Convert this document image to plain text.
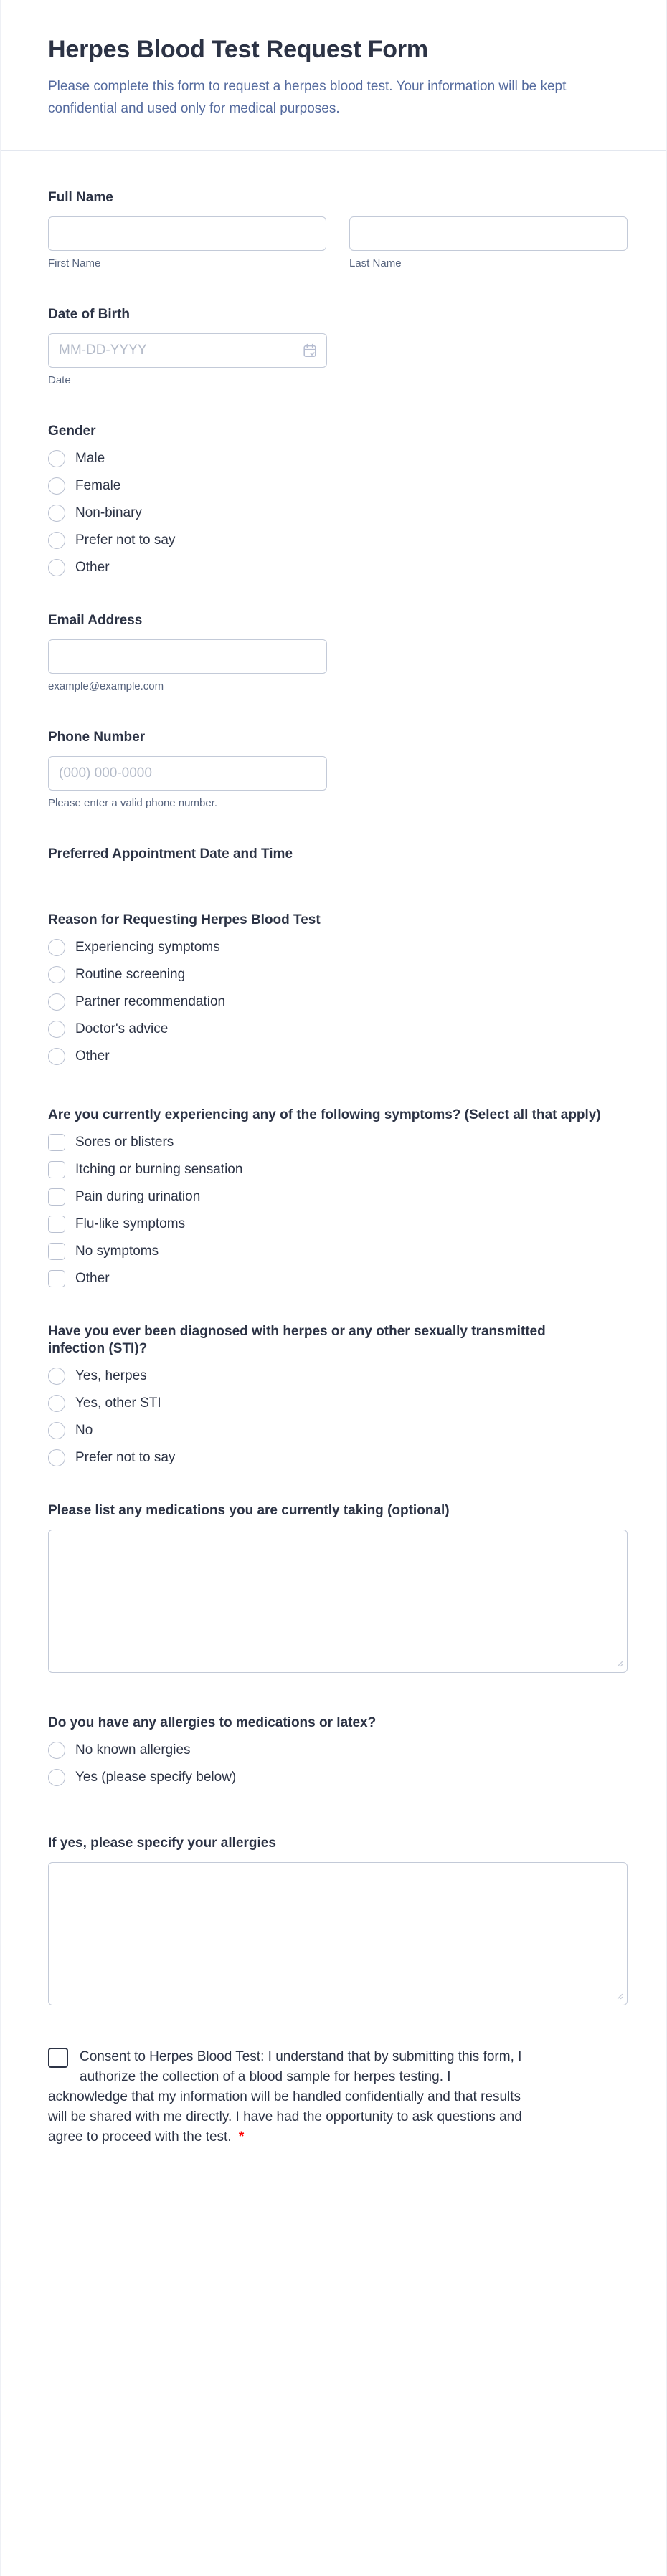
Herpes Blood Test Request Form

Please complete this form to request a herpes blood test. Your information will be kept confidential and used only for medical purposes.

Full Name
First Name	Last Name
Date of Birth
MM-DD-YYYY
Date
Gender
Male
Female
Non-binary
Prefer not to say
Other
Email Address
example@example.com
Phone Number
(000) 000-0000
Please enter a valid phone number.
Preferred Appointment Date and Time
Reason for Requesting Herpes Blood Test
Experiencing symptoms
Routine screening
Partner recommendation
Doctor's advice
Other
Are you currently experiencing any of the following symptoms? (Select all that apply)
Sores or blisters
Itching or burning sensation
Pain during urination
Flu-like symptoms
No symptoms
Other
Have you ever been diagnosed with herpes or any other sexually transmitted infection (STI)?
Yes, herpes
Yes, other STI
No
Prefer not to say
Please list any medications you are currently taking (optional)
Do you have any allergies to medications or latex?
No known allergies
Yes (please specify below)
If yes, please specify your allergies

Consent to Herpes Blood Test: I understand that by submitting this form, I authorize the collection of a blood sample for herpes testing. I acknowledge that my information will be handled confidentially and that results will be shared with me directly. I have had the opportunity to ask questions and agree to proceed with the test. *
